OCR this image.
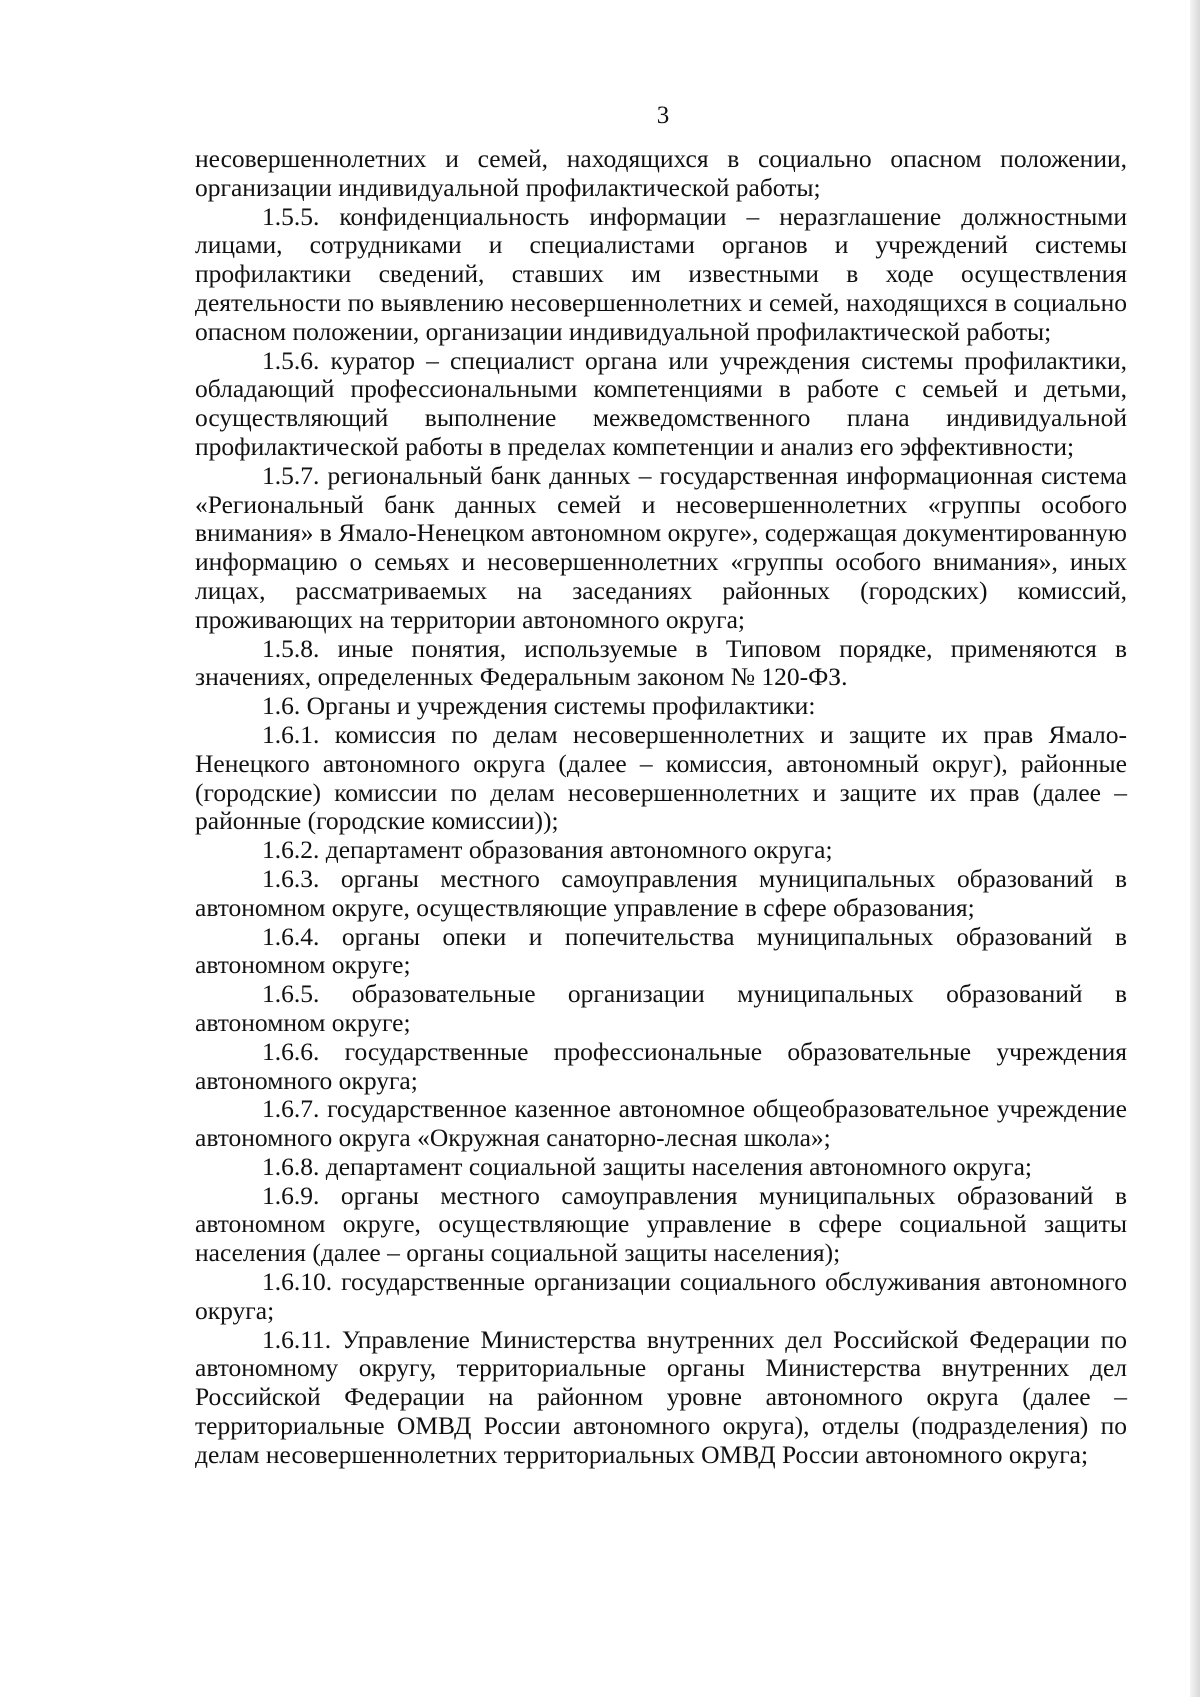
3

несовершеннолетних и семей, находящихся в социально опасном положении, организации индивидуальной профилактической работы;

1.5.5. конфиденциальность информации – неразглашение должностными лицами, сотрудниками и специалистами органов и учреждений системы профилактики сведений, ставших им известными в ходе осуществления деятельности по выявлению несовершеннолетних и семей, находящихся в социально опасном положении, организации индивидуальной профилактической работы;

1.5.6. куратор – специалист органа или учреждения системы профилактики, обладающий профессиональными компетенциями в работе с семьей и детьми, осуществляющий выполнение межведомственного плана индивидуальной профилактической работы в пределах компетенции и анализ его эффективности;

1.5.7. региональный банк данных – государственная информационная система «Региональный банк данных семей и несовершеннолетних «группы особого внимания» в Ямало-Ненецком автономном округе», содержащая документированную информацию о семьях и несовершеннолетних «группы особого внимания», иных лицах, рассматриваемых на заседаниях районных (городских) комиссий, проживающих на территории автономного округа;

1.5.8. иные понятия, используемые в Типовом порядке, применяются в значениях, определенных Федеральным законом № 120-ФЗ.

1.6. Органы и учреждения системы профилактики:

1.6.1. комиссия по делам несовершеннолетних и защите их прав Ямало-Ненецкого автономного округа (далее – комиссия, автономный округ), районные (городские) комиссии по делам несовершеннолетних и защите их прав (далее – районные (городские комиссии));

1.6.2. департамент образования автономного округа;

1.6.3. органы местного самоуправления муниципальных образований в автономном округе, осуществляющие управление в сфере образования;

1.6.4. органы опеки и попечительства муниципальных образований в автономном округе;

1.6.5. образовательные организации муниципальных образований в автономном округе;

1.6.6. государственные профессиональные образовательные учреждения автономного округа;

1.6.7. государственное казенное автономное общеобразовательное учреждение автономного округа «Окружная санаторно-лесная школа»;

1.6.8. департамент социальной защиты населения автономного округа;

1.6.9. органы местного самоуправления муниципальных образований в автономном округе, осуществляющие управление в сфере социальной защиты населения (далее – органы социальной защиты населения);

1.6.10. государственные организации социального обслуживания автономного округа;

1.6.11. Управление Министерства внутренних дел Российской Федерации по автономному округу, территориальные органы Министерства внутренних дел Российской Федерации на районном уровне автономного округа (далее – территориальные ОМВД России автономного округа), отделы (подразделения) по делам несовершеннолетних территориальных ОМВД России автономного округа;
